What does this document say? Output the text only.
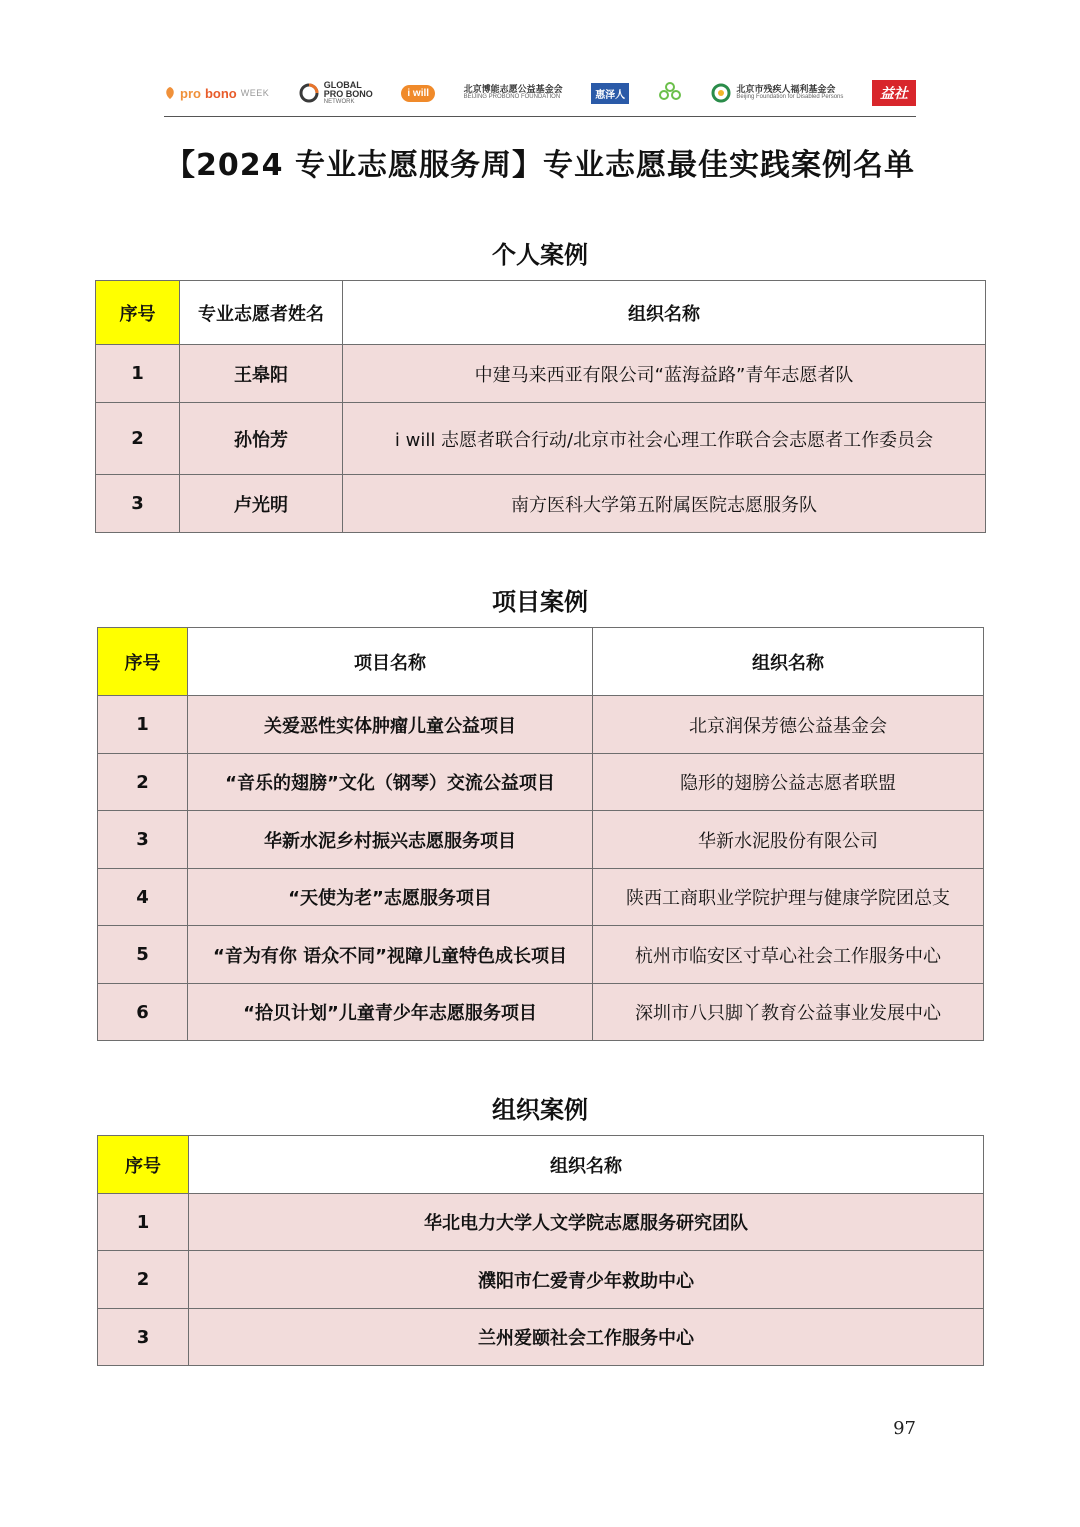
pro bono WEEK
GLOBAL
PRO BONO
NETWORK
i will	北京博能志愿公益基金会
BEIJING PROBONO FOUNDATION	惠泽人
北京市残疾人福利基金会
Beijing Foundation for Disabled Persons	益社
【2024 专业志愿服务周】专业志愿最佳实践案例名单
个人案例
序号	专业志愿者姓名	组织名称
1	王皋阳	中建马来西亚有限公司“蓝海益路”青年志愿者队
2	孙怡芳	i will 志愿者联合行动/北京市社会心理工作联合会志愿者工作委员会
3	卢光明	南方医科大学第五附属医院志愿服务队
项目案例
序号	项目名称	组织名称
1	关爱恶性实体肿瘤儿童公益项目	北京润保芳德公益基金会
2	“音乐的翅膀”文化（钢琴）交流公益项目	隐形的翅膀公益志愿者联盟
3	华新水泥乡村振兴志愿服务项目	华新水泥股份有限公司
4	“天使为老”志愿服务项目	陕西工商职业学院护理与健康学院团总支
5	“音为有你 语众不同”视障儿童特色成长项目	杭州市临安区寸草心社会工作服务中心
6	“拾贝计划”儿童青少年志愿服务项目	深圳市八只脚丫教育公益事业发展中心
组织案例
序号	组织名称
1	华北电力大学人文学院志愿服务研究团队
2	濮阳市仁爱青少年救助中心
3	兰州爱颐社会工作服务中心
97
